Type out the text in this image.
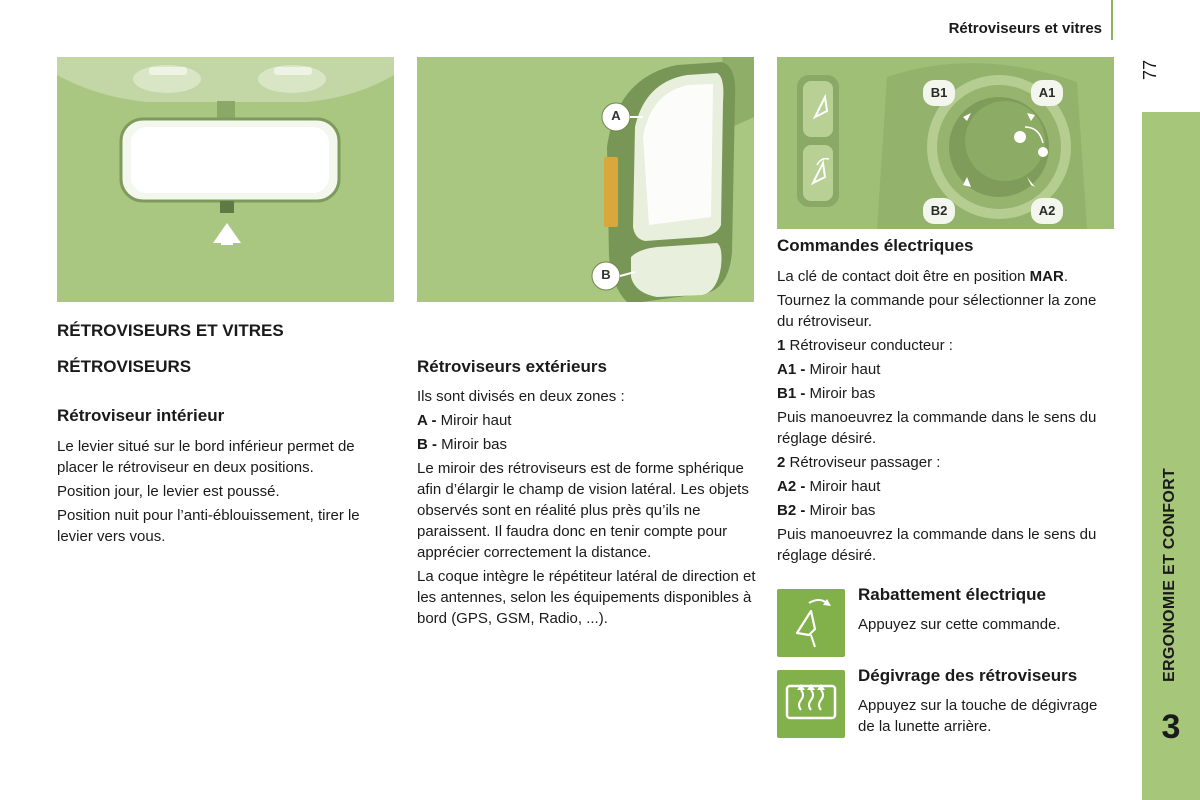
Rétroviseurs et vitres
77
ERGONOMIE ET CONFORT
3
A
B
B1	A1
B2	A2
RÉTROVISEURS ET VITRES
RÉTROVISEURS
Rétroviseur intérieur

Le levier situé sur le bord inférieur permet de placer le rétroviseur en deux positions.

Position jour, le levier est poussé.

Position nuit pour l’anti-éblouissement, tirer le levier vers vous.

Rétroviseurs extérieurs

Ils sont divisés en deux zones :

A - Miroir haut

B - Miroir bas

Le miroir des rétroviseurs est de forme sphérique afin d’élargir le champ de vision latéral. Les objets observés sont en réalité plus près qu’ils ne paraissent. Il faudra donc en tenir compte pour apprécier correctement la distance.

La coque intègre le répétiteur latéral de direction et les antennes, selon les équipements disponibles à bord (GPS, GSM, Radio, ...).

Commandes électriques

La clé de contact doit être en position MAR.

Tournez la commande pour sélectionner la zone du rétroviseur.

1 Rétroviseur conducteur :

A1 - Miroir haut

B1 - Miroir bas

Puis manoeuvrez la commande dans le sens du réglage désiré.

2 Rétroviseur passager :

A2 - Miroir haut

B2 - Miroir bas

Puis manoeuvrez la commande dans le sens du réglage désiré.

Rabattement électrique

Appuyez sur cette commande.

Dégivrage des rétroviseurs

Appuyez sur la touche de dégivrage de la lunette arrière.
